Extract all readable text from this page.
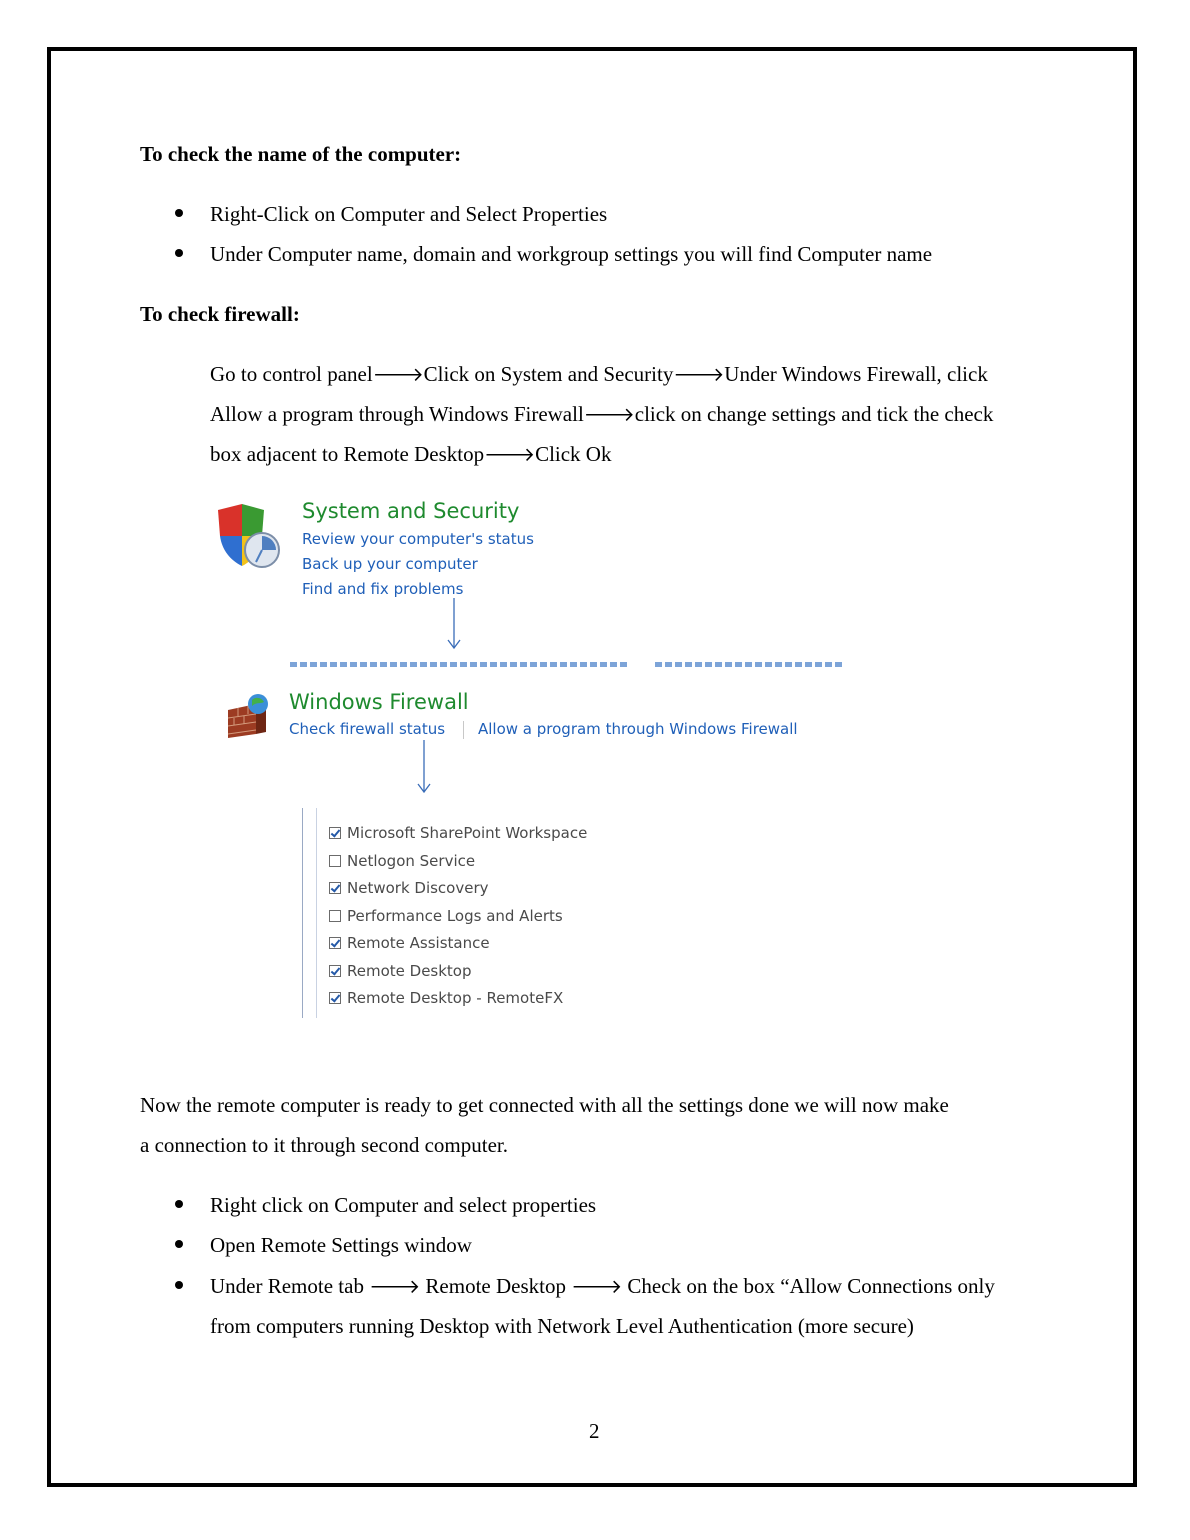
To check the name of the computer:
Right-Click on Computer and Select Properties
Under Computer name, domain and workgroup settings you will find Computer name
To check firewall:
Go to control panel🡒Click on System and Security🡒Under Windows Firewall, click
Allow a program through Windows Firewall🡒click on change settings and tick the check
box adjacent to Remote Desktop🡒Click Ok
System and Security
Review your computer's status
Back up your computer
Find and fix problems
Windows Firewall
Check firewall status Allow a program through Windows Firewall

Microsoft SharePoint Workspace
Netlogon Service
Network Discovery
Performance Logs and Alerts
Remote Assistance
Remote Desktop
Remote Desktop - RemoteFX
Now the remote computer is ready to get connected with all the settings done we will now make
a connection to it through second computer.
Right click on Computer and select properties
Open Remote Settings window
Under Remote tab 🡒 Remote Desktop 🡒 Check on the box “Allow Connections only
from computers running Desktop with Network Level Authentication (more secure)
2
